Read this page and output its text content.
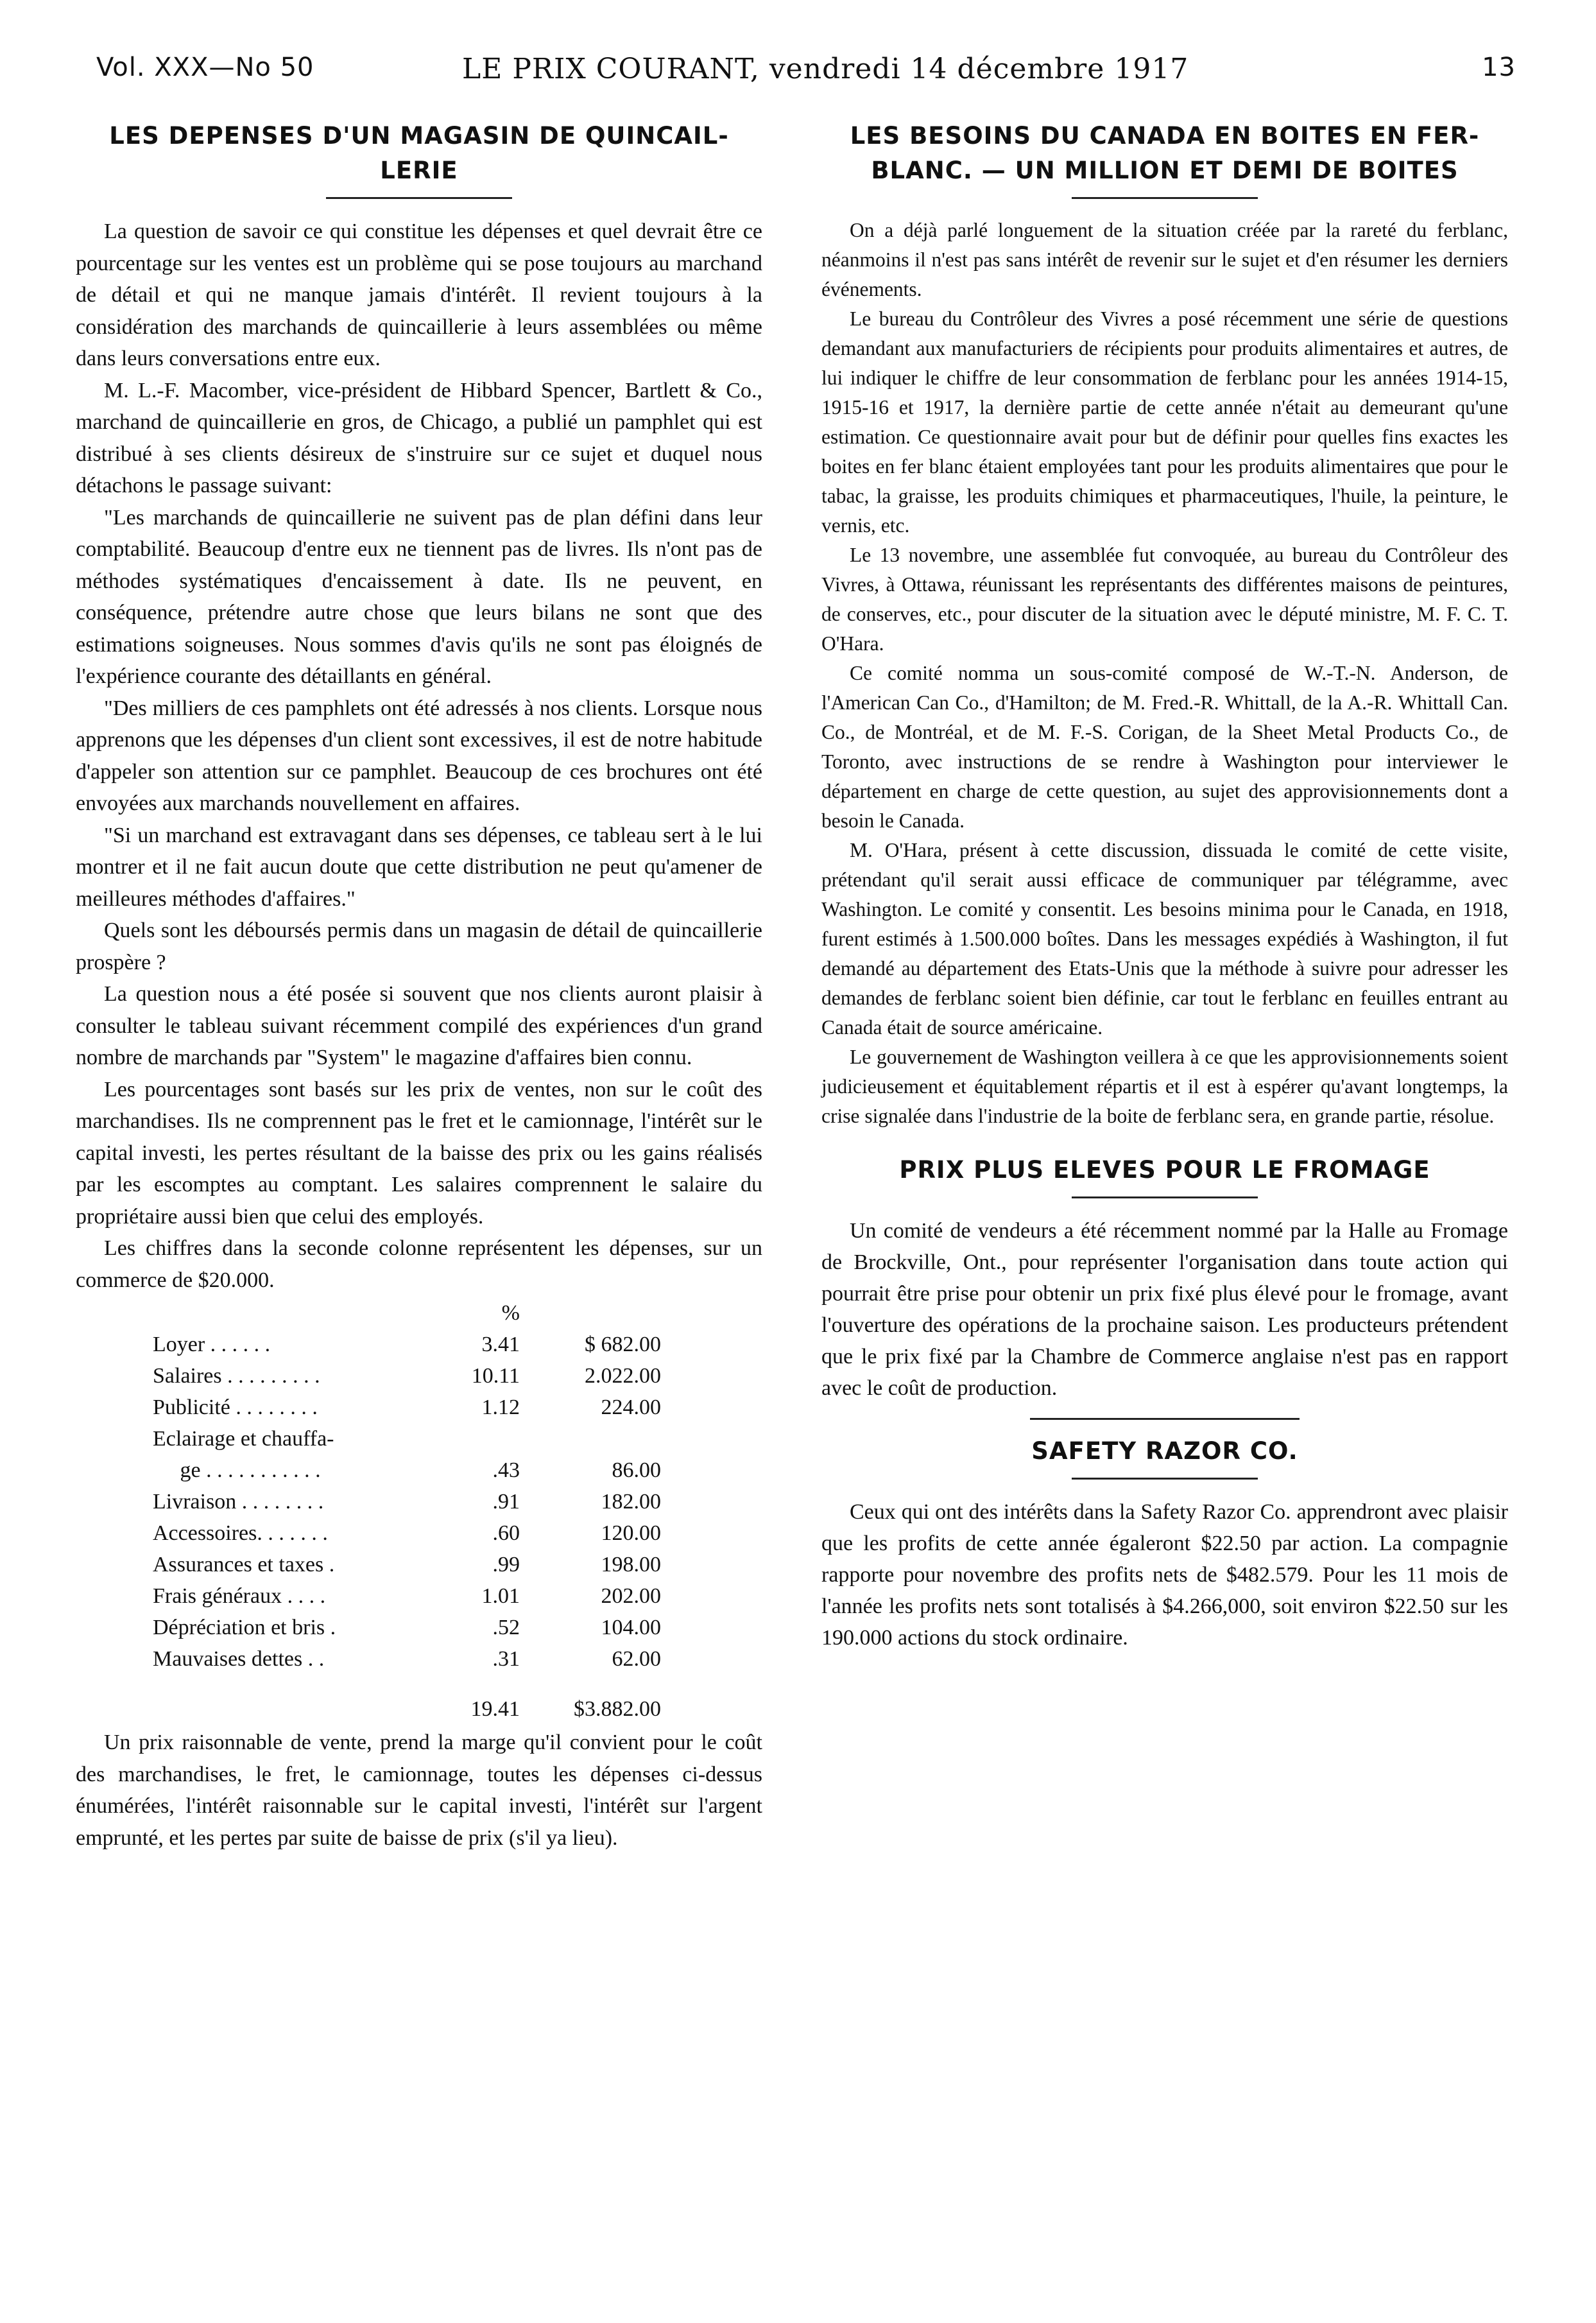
Vol. XXX—No 50	LE PRIX COURANT, vendredi 14 décembre 1917	13
LES DEPENSES D'UN MAGASIN DE QUINCAIL-
LERIE

La question de savoir ce qui constitue les dépenses et quel devrait être ce pourcentage sur les ventes est un problème qui se pose toujours au marchand de détail et qui ne manque jamais d'intérêt. Il revient toujours à la considération des marchands de quincaillerie à leurs assemblées ou même dans leurs conversations entre eux.

M. L.-F. Macomber, vice-président de Hibbard Spencer, Bartlett & Co., marchand de quincaillerie en gros, de Chicago, a publié un pamphlet qui est distribué à ses clients désireux de s'instruire sur ce sujet et duquel nous détachons le passage suivant:

"Les marchands de quincaillerie ne suivent pas de plan défini dans leur comptabilité. Beaucoup d'entre eux ne tiennent pas de livres. Ils n'ont pas de méthodes systématiques d'encaissement à date. Ils ne peuvent, en conséquence, prétendre autre chose que leurs bilans ne sont que des estimations soigneuses. Nous sommes d'avis qu'ils ne sont pas éloignés de l'expérience courante des détaillants en général.

"Des milliers de ces pamphlets ont été adressés à nos clients. Lorsque nous apprenons que les dépenses d'un client sont excessives, il est de notre habitude d'appeler son attention sur ce pamphlet. Beaucoup de ces brochures ont été envoyées aux marchands nouvellement en affaires.

"Si un marchand est extravagant dans ses dépenses, ce tableau sert à le lui montrer et il ne fait aucun doute que cette distribution ne peut qu'amener de meilleures méthodes d'affaires."

Quels sont les déboursés permis dans un magasin de détail de quincaillerie prospère ?

La question nous a été posée si souvent que nos clients auront plaisir à consulter le tableau suivant récemment compilé des expériences d'un grand nombre de marchands par "System" le magazine d'affaires bien connu.

Les pourcentages sont basés sur les prix de ventes, non sur le coût des marchandises. Ils ne comprennent pas le fret et le camionnage, l'intérêt sur le capital investi, les pertes résultant de la baisse des prix ou les gains réalisés par les escomptes au comptant. Les salaires comprennent le salaire du propriétaire aussi bien que celui des employés.

Les chiffres dans la seconde colonne représentent les dépenses, sur un commerce de $20.000.

	%	
Loyer . . . . . .	3.41	$ 682.00
Salaires . . . . . . . . .	10.11	2.022.00
Publicité . . . . . . . .	1.12	224.00
Eclairage et chauffa-		
ge . . . . . . . . . . .	.43	86.00
Livraison . . . . . . . .	.91	182.00
Accessoires. . . . . . .	.60	120.00
Assurances et taxes .	.99	198.00
Frais généraux . . . .	1.01	202.00
Dépréciation et bris .	.52	104.00
Mauvaises dettes . .	.31	62.00
	19.41	$3.882.00

Un prix raisonnable de vente, prend la marge qu'il convient pour le coût des marchandises, le fret, le camionnage, toutes les dépenses ci-dessus énumérées, l'intérêt raisonnable sur le capital investi, l'intérêt sur l'argent emprunté, et les pertes par suite de baisse de prix (s'il ya lieu).

LES BESOINS DU CANADA EN BOITES EN FER-BLANC. — UN MILLION ET DEMI DE BOITES

On a déjà parlé longuement de la situation créée par la rareté du ferblanc, néanmoins il n'est pas sans intérêt de revenir sur le sujet et d'en résumer les derniers événements.

Le bureau du Contrôleur des Vivres a posé récemment une série de questions demandant aux manufacturiers de récipients pour produits alimentaires et autres, de lui indiquer le chiffre de leur consommation de ferblanc pour les années 1914-15, 1915-16 et 1917, la dernière partie de cette année n'était au demeurant qu'une estimation. Ce questionnaire avait pour but de définir pour quelles fins exactes les boites en fer blanc étaient employées tant pour les produits alimentaires que pour le tabac, la graisse, les produits chimiques et pharmaceutiques, l'huile, la peinture, le vernis, etc.

Le 13 novembre, une assemblée fut convoquée, au bureau du Contrôleur des Vivres, à Ottawa, réunissant les représentants des différentes maisons de peintures, de conserves, etc., pour discuter de la situation avec le député ministre, M. F. C. T. O'Hara.

Ce comité nomma un sous-comité composé de W.-T.-N. Anderson, de l'American Can Co., d'Hamilton; de M. Fred.-R. Whittall, de la A.-R. Whittall Can. Co., de Montréal, et de M. F.-S. Corigan, de la Sheet Metal Products Co., de Toronto, avec instructions de se rendre à Washington pour interviewer le département en charge de cette question, au sujet des approvisionnements dont a besoin le Canada.

M. O'Hara, présent à cette discussion, dissuada le comité de cette visite, prétendant qu'il serait aussi efficace de communiquer par télégramme, avec Washington. Le comité y consentit. Les besoins minima pour le Canada, en 1918, furent estimés à 1.500.000 boîtes. Dans les messages expédiés à Washington, il fut demandé au département des Etats-Unis que la méthode à suivre pour adresser les demandes de ferblanc soient bien définie, car tout le ferblanc en feuilles entrant au Canada était de source américaine.

Le gouvernement de Washington veillera à ce que les approvisionnements soient judicieusement et équitablement répartis et il est à espérer qu'avant longtemps, la crise signalée dans l'industrie de la boite de ferblanc sera, en grande partie, résolue.

PRIX PLUS ELEVES POUR LE FROMAGE

Un comité de vendeurs a été récemment nommé par la Halle au Fromage de Brockville, Ont., pour représenter l'organisation dans toute action qui pourrait être prise pour obtenir un prix fixé plus élevé pour le fromage, avant l'ouverture des opérations de la prochaine saison. Les producteurs prétendent que le prix fixé par la Chambre de Commerce anglaise n'est pas en rapport avec le coût de production.

SAFETY RAZOR CO.

Ceux qui ont des intérêts dans la Safety Razor Co. apprendront avec plaisir que les profits de cette année égaleront $22.50 par action. La compagnie rapporte pour novembre des profits nets de $482.579. Pour les 11 mois de l'année les profits nets sont totalisés à $4.266,000, soit environ $22.50 sur les 190.000 actions du stock ordinaire.
